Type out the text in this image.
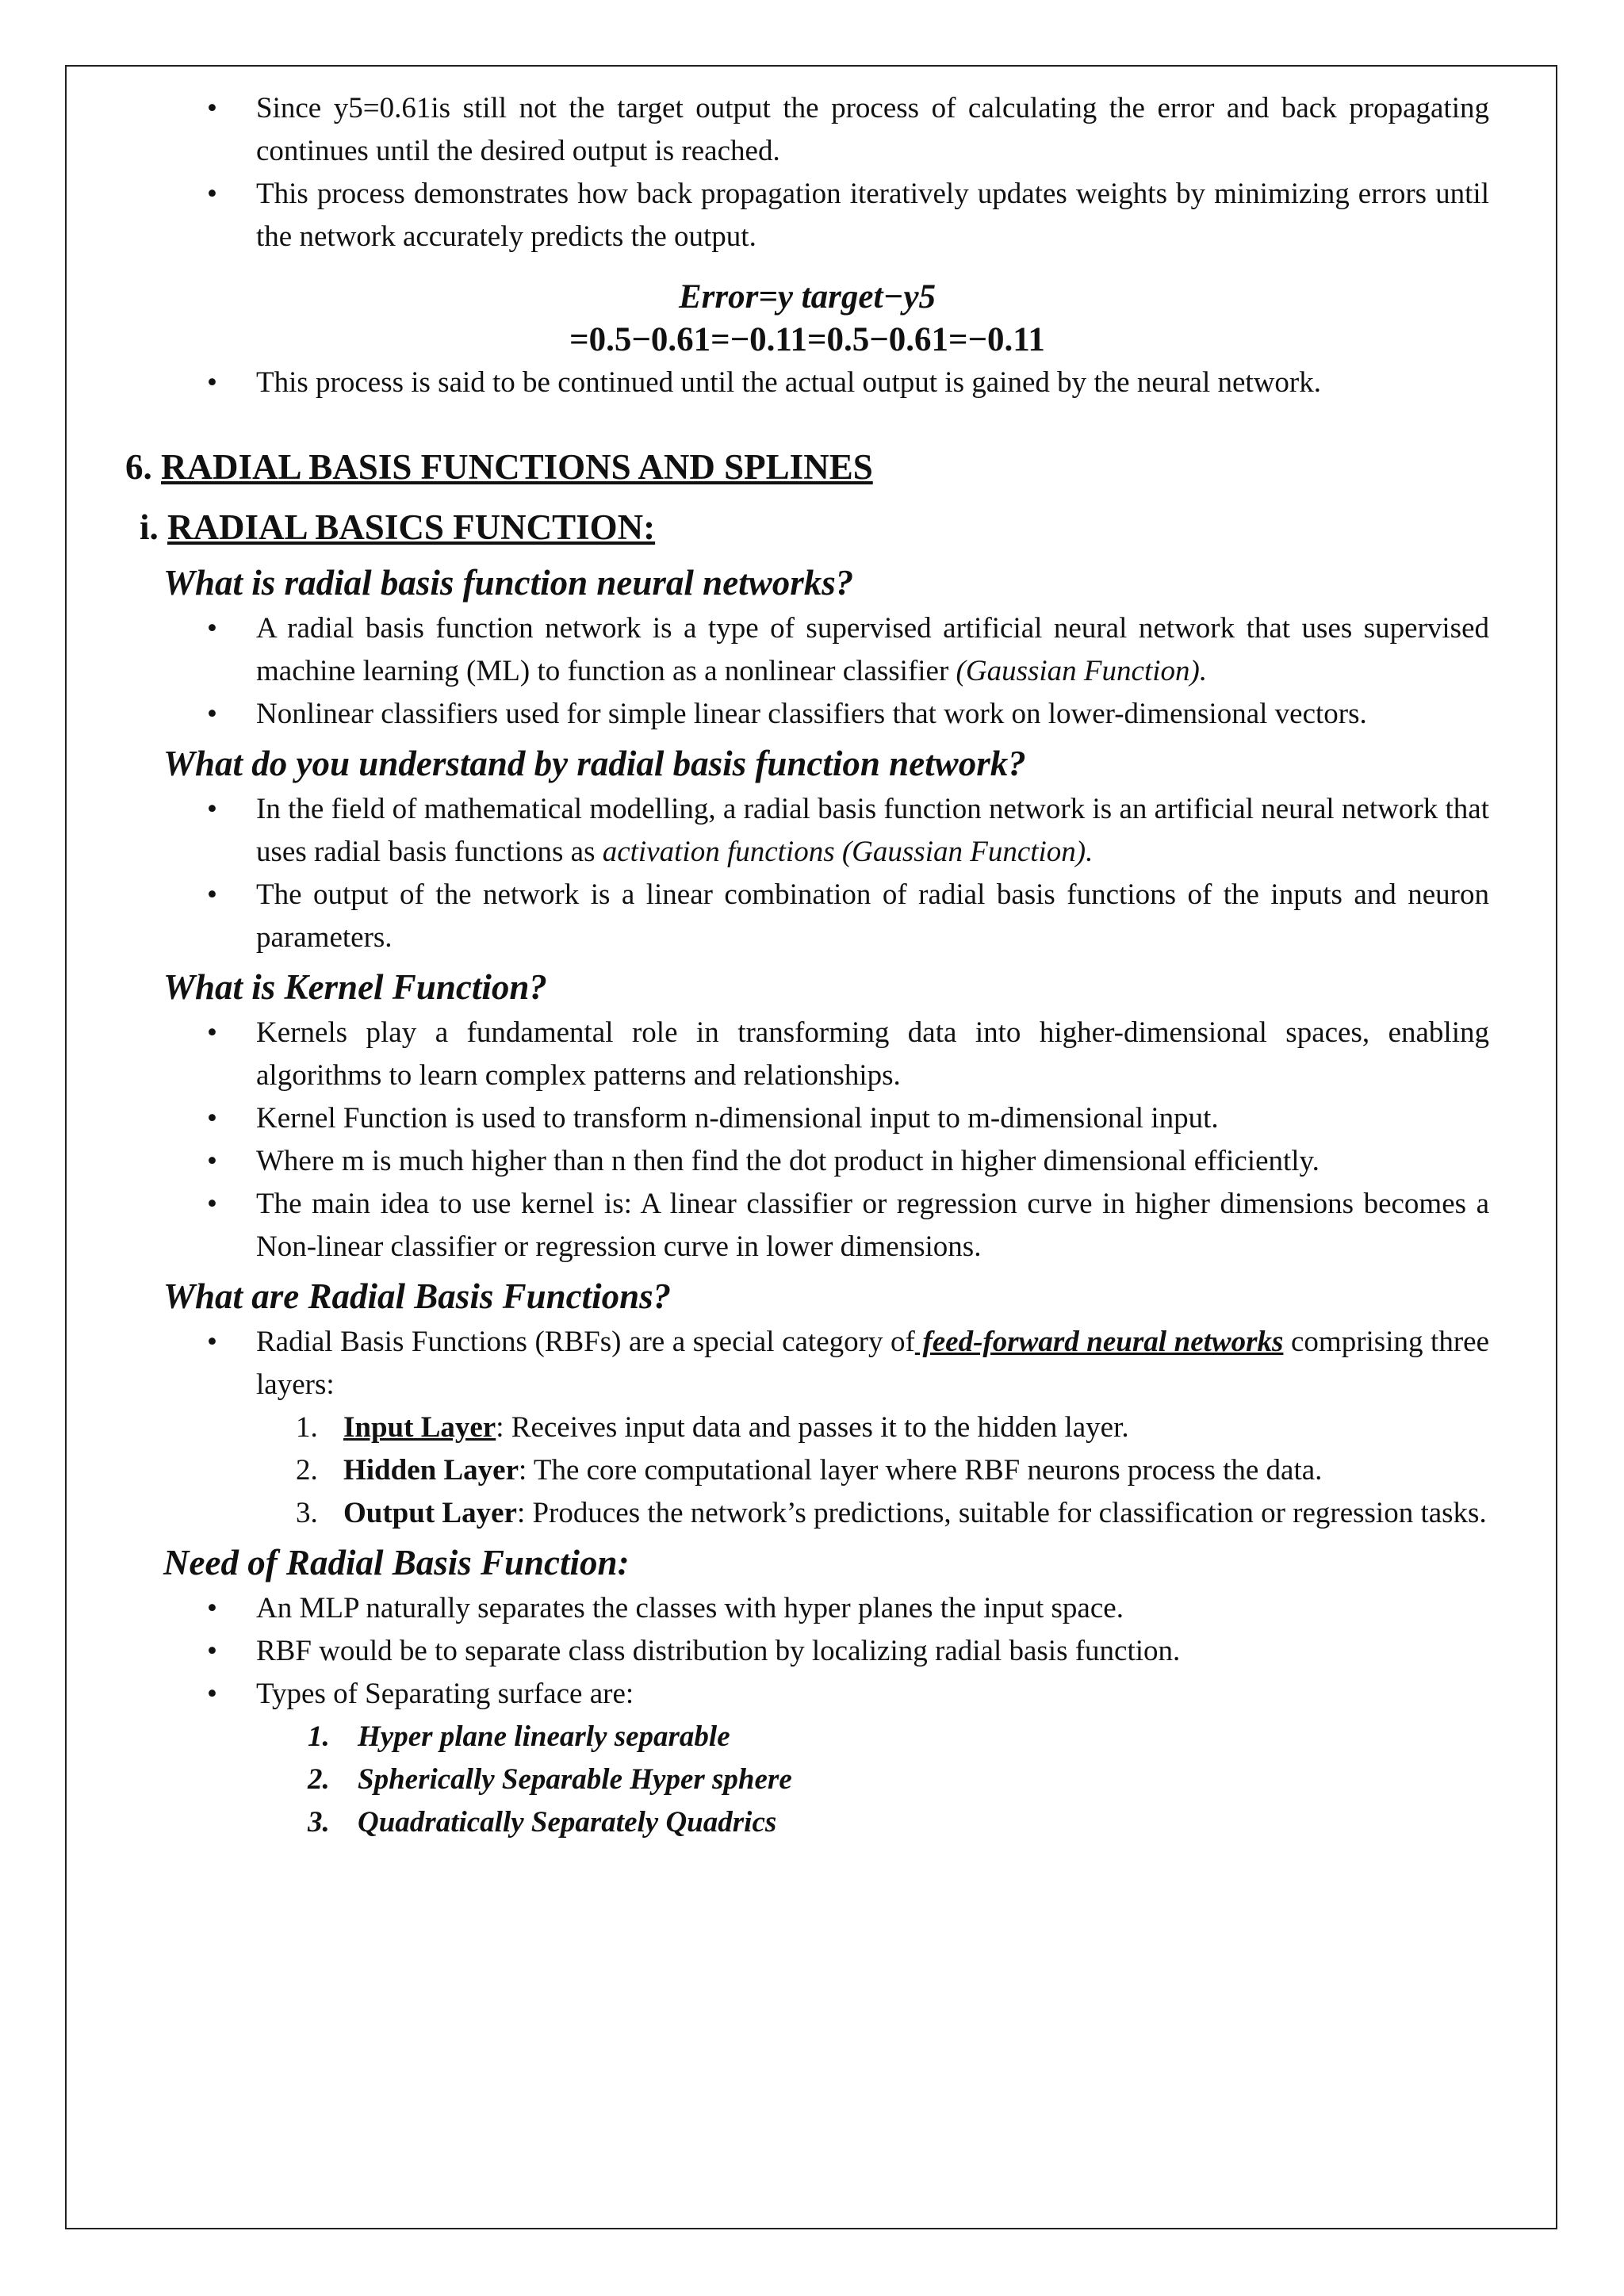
• Since y5=0.61is still not the target output the process of calculating the error and back propagating continues until the desired output is reached.

• This process demonstrates how back propagation iteratively updates weights by minimizing errors until the network accurately predicts the output.

Error=y target−y5

=0.5−0.61=−0.11=0.5−0.61=−0.11

• This process is said to be continued until the actual output is gained by the neural network.

6. RADIAL BASIS FUNCTIONS AND SPLINES
i. RADIAL BASICS FUNCTION:
What is radial basis function neural networks?

• A radial basis function network is a type of supervised artificial neural network that uses supervised machine learning (ML) to function as a nonlinear classifier (Gaussian Function).

• Nonlinear classifiers used for simple linear classifiers that work on lower-dimensional vectors.

What do you understand by radial basis function network?

• In the field of mathematical modelling, a radial basis function network is an artificial neural network that uses radial basis functions as activation functions (Gaussian Function).

• The output of the network is a linear combination of radial basis functions of the inputs and neuron parameters.

What is Kernel Function?

• Kernels play a fundamental role in transforming data into higher-dimensional spaces, enabling algorithms to learn complex patterns and relationships.

• Kernel Function is used to transform n-dimensional input to m-dimensional input.

• Where m is much higher than n then find the dot product in higher dimensional efficiently.

• The main idea to use kernel is: A linear classifier or regression curve in higher dimensions becomes a Non-linear classifier or regression curve in lower dimensions.

What are Radial Basis Functions?

• Radial Basis Functions (RBFs) are a special category of feed-forward neural networks comprising three layers:

1. Input Layer: Receives input data and passes it to the hidden layer.

2. Hidden Layer: The core computational layer where RBF neurons process the data.

3. Output Layer: Produces the network’s predictions, suitable for classification or regression tasks.

Need of Radial Basis Function:

• An MLP naturally separates the classes with hyper planes the input space.

• RBF would be to separate class distribution by localizing radial basis function.

• Types of Separating surface are:

1. Hyper plane linearly separable

2. Spherically Separable Hyper sphere

3. Quadratically Separately Quadrics
